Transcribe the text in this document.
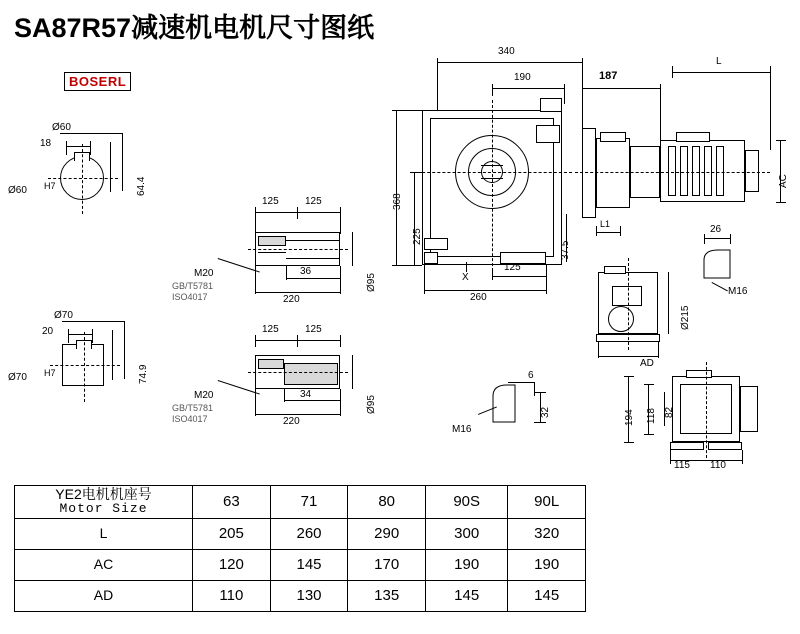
SA87R57减速机电机尺寸图纸
BOSERL
Ø60
18
64.4
Ø60 H7
Ø70
20
74.9
Ø70 H7
125	125
36
220
Ø95
M20
GB/T5781
ISO4017
125	125
34
220
Ø95
M20
GB/T5781
ISO4017
340
190
368
225
260
125
X
187
L
AC
37.5
L1
Ø215
AD
26
M16
6
32
M16
194 118 82
115 110
YE2电机机座号
Motor Size	63	71	80	90S	90L
L	205	260	290	300	320
AC	120	145	170	190	190
AD	110	130	135	145	145
